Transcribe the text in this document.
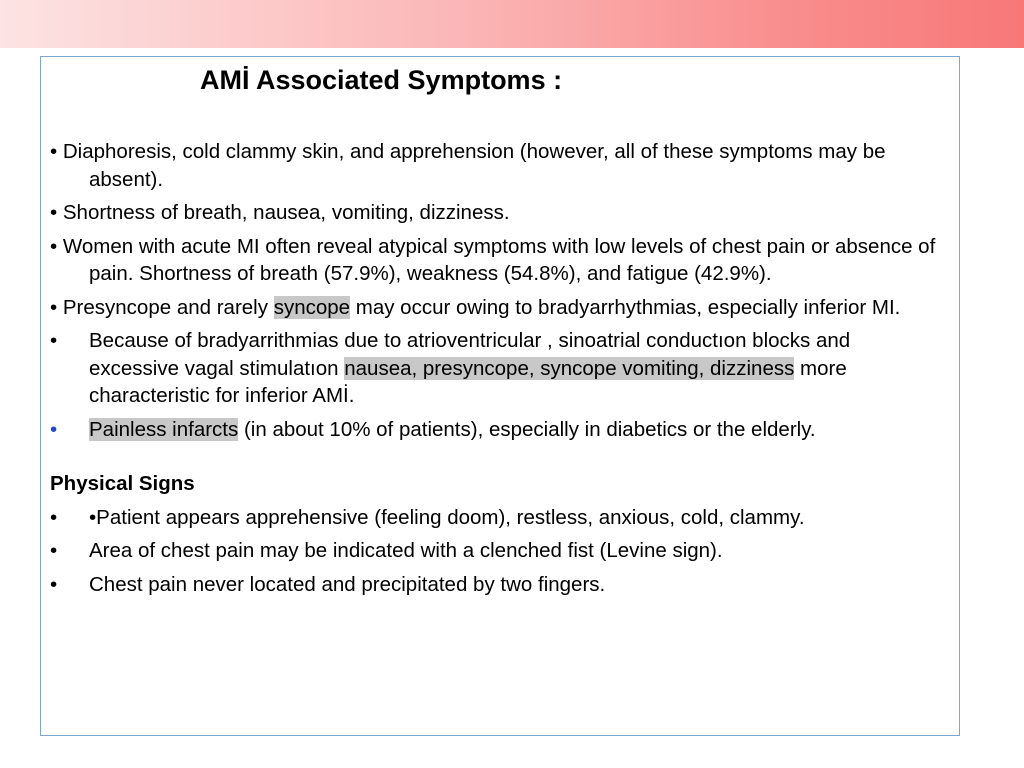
AMİ Associated Symptoms :

• Diaphoresis, cold clammy skin, and apprehension (however, all of these symptoms may be absent).

• Shortness of breath, nausea, vomiting, dizziness.

• Women with acute MI often reveal atypical symptoms with low levels of chest pain or absence of pain. Shortness of breath (57.9%), weakness (54.8%), and fatigue (42.9%).

• Presyncope and rarely syncope may occur owing to bradyarrhythmias, especially inferior MI.

• Because of bradyarrithmias due to atrioventricular , sinoatrial conductıon blocks and excessive vagal stimulatıon nausea, presyncope, syncope vomiting, dizziness more characteristic for inferior AMİ.
• Painless infarcts (in about 10% of patients), especially in diabetics or the elderly.
Physical Signs
• •Patient appears apprehensive (feeling doom), restless, anxious, cold, clammy.
• Area of chest pain may be indicated with a clenched fist (Levine sign).
• Chest pain never located and precipitated by two fingers.
